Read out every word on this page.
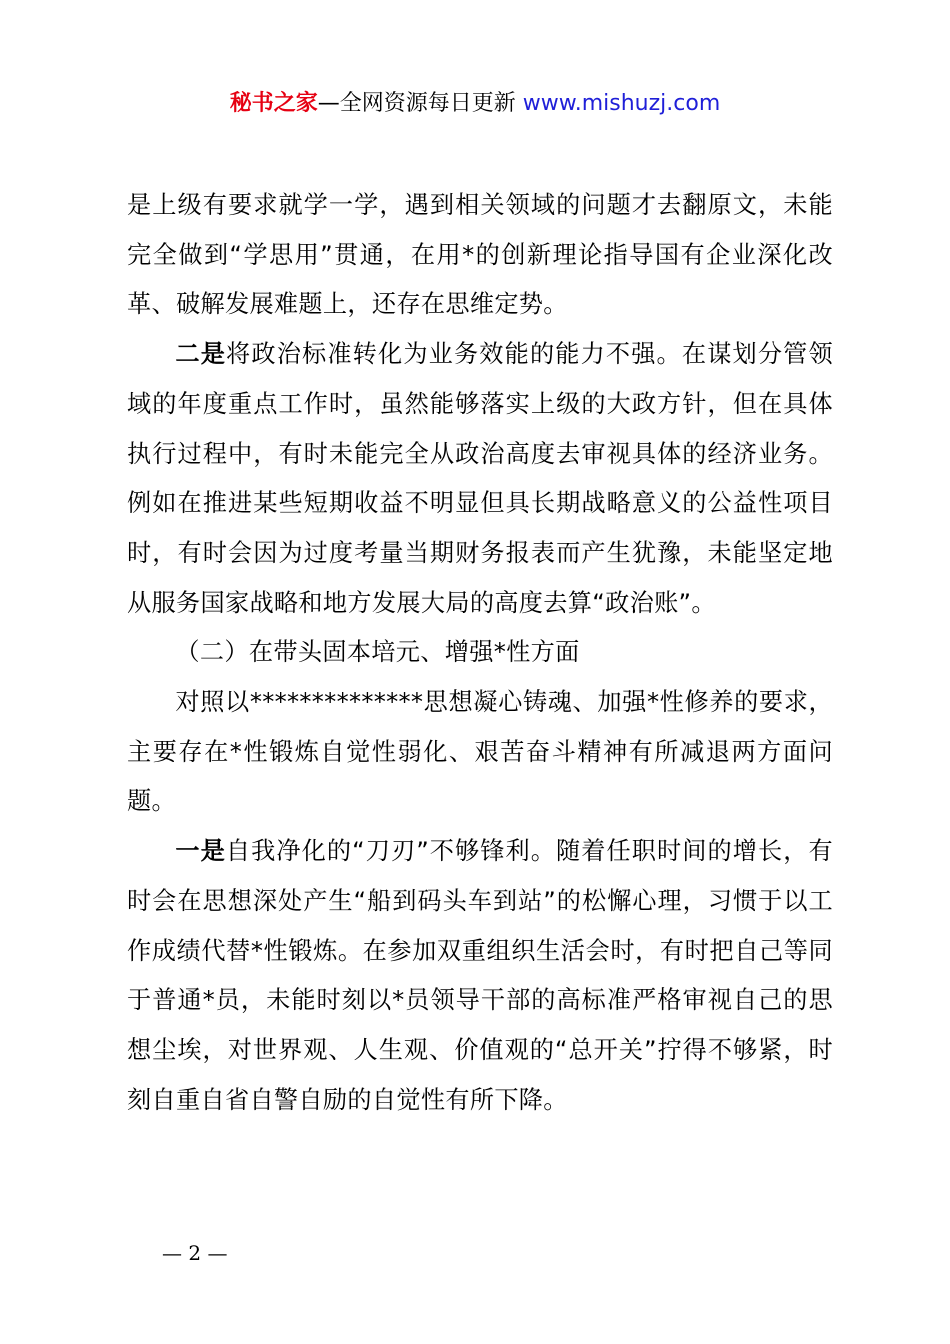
秘书之家—全网资源每日更新 www.mishuzj.com

是上级有要求就学一学，遇到相关领域的问题才去翻原文，未能完全做到“学思用”贯通，在用*的创新理论指导国有企业深化改革、破解发展难题上，还存在思维定势。

二是将政治标准转化为业务效能的能力不强。在谋划分管领域的年度重点工作时，虽然能够落实上级的大政方针，但在具体执行过程中，有时未能完全从政治高度去审视具体的经济业务。例如在推进某些短期收益不明显但具长期战略意义的公益性项目时，有时会因为过度考量当期财务报表而产生犹豫，未能坚定地从服务国家战略和地方发展大局的高度去算“政治账”。

（二）在带头固本培元、增强*性方面

对照以**************思想凝心铸魂、加强*性修养的要求，主要存在*性锻炼自觉性弱化、艰苦奋斗精神有所减退两方面问题。

一是自我净化的“刀刃”不够锋利。随着任职时间的增长，有时会在思想深处产生“船到码头车到站”的松懈心理，习惯于以工作成绩代替*性锻炼。在参加双重组织生活会时，有时把自己等同于普通*员，未能时刻以*员领导干部的高标准严格审视自己的思想尘埃，对世界观、人生观、价值观的“总开关”拧得不够紧，时刻自重自省自警自励的自觉性有所下降。

— 2 —
